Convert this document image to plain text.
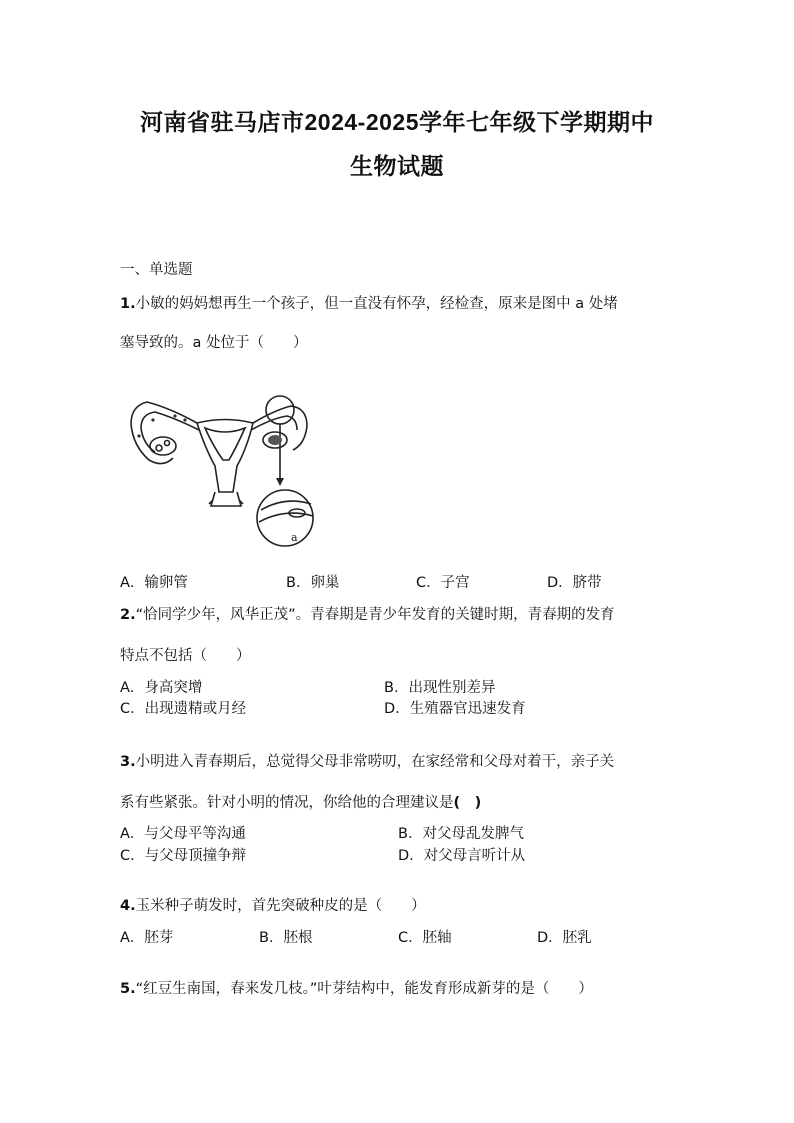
河南省驻马店市2024-2025学年七年级下学期期中
生物试题
一、单选题
1.小敏的妈妈想再生一个孩子，但一直没有怀孕，经检查，原来是图中 a 处堵
塞导致的。a 处位于（　　）
a
A．输卵管	B．卵巢	C．子宫	D．脐带
2.“恰同学少年，风华正茂”。青春期是青少年发育的关键时期，青春期的发育
特点不包括（　　）
A．身高突增	B．出现性别差异
C．出现遗精或月经	D．生殖器官迅速发育
3.小明进入青春期后，总觉得父母非常唠叨，在家经常和父母对着干，亲子关
系有些紧张。针对小明的情况，你给他的合理建议是(　)
A．与父母平等沟通	B．对父母乱发脾气
C．与父母顶撞争辩	D．对父母言听计从
4.玉米种子萌发时，首先突破种皮的是（　　）
A．胚芽	B．胚根	C．胚轴	D．胚乳
5.“红豆生南国，春来发几枝。”叶芽结构中，能发育形成新芽的是（　　）
